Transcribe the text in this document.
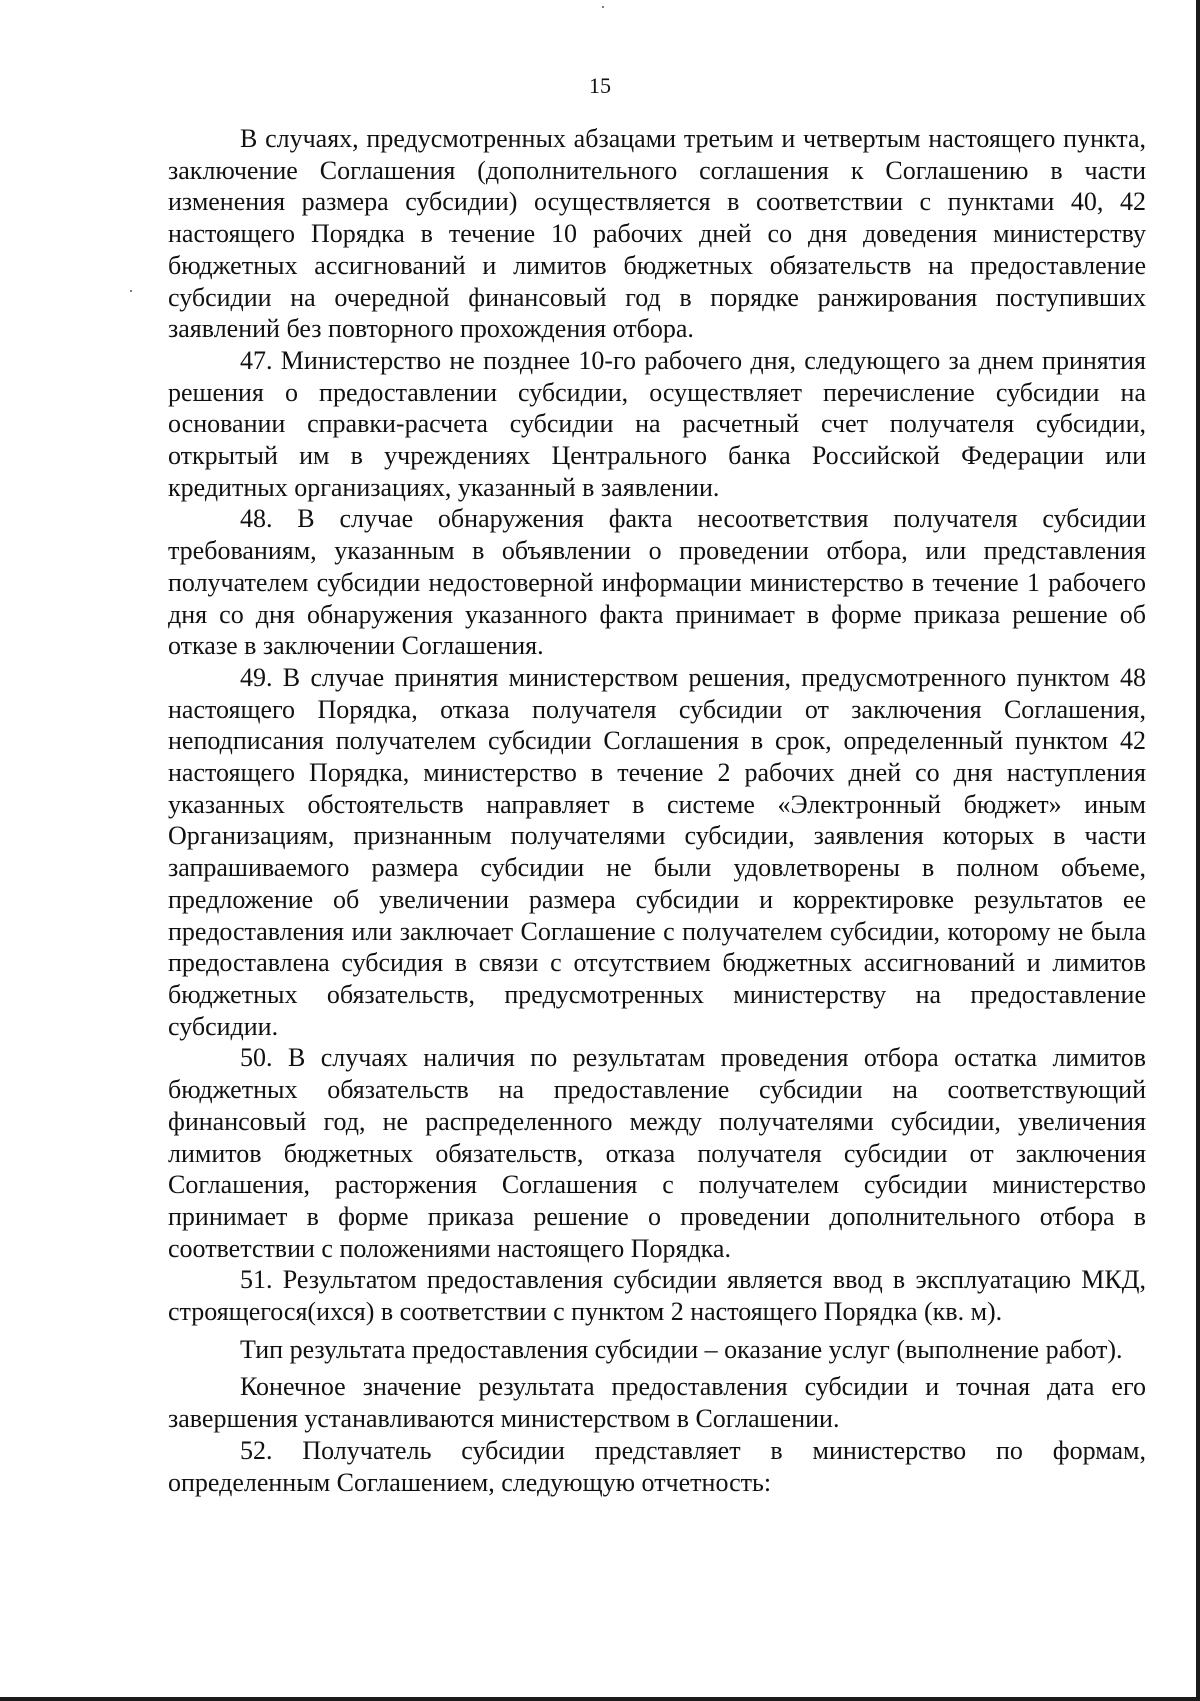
15

В случаях, предусмотренных абзацами третьим и четвертым настоящего пункта, заключение Соглашения (дополнительного соглашения к Соглашению в части изменения размера субсидии) осуществляется в соответствии с пунктами 40, 42 настоящего Порядка в течение 10 рабочих дней со дня доведения министерству бюджетных ассигнований и лимитов бюджетных обязательств на предоставление субсидии на очередной финансовый год в порядке ранжирования поступивших заявлений без повторного прохождения отбора.

47. Министерство не позднее 10-го рабочего дня, следующего за днем принятия решения о предоставлении субсидии, осуществляет перечисление субсидии на основании справки-расчета субсидии на расчетный счет получателя субсидии, открытый им в учреждениях Центрального банка Российской Федерации или кредитных организациях, указанный в заявлении.

48. В случае обнаружения факта несоответствия получателя субсидии требованиям, указанным в объявлении о проведении отбора, или представления получателем субсидии недостоверной информации министерство в течение 1 рабочего дня со дня обнаружения указанного факта принимает в форме приказа решение об отказе в заключении Соглашения.

49. В случае принятия министерством решения, предусмотренного пунктом 48 настоящего Порядка, отказа получателя субсидии от заключения Соглашения, неподписания получателем субсидии Соглашения в срок, определенный пунктом 42 настоящего Порядка, министерство в течение 2 рабочих дней со дня наступления указанных обстоятельств направляет в системе «Электронный бюджет» иным Организациям, признанным получателями субсидии, заявления которых в части запрашиваемого размера субсидии не были удовлетворены в полном объеме, предложение об увеличении размера субсидии и корректировке результатов ее предоставления или заключает Соглашение с получателем субсидии, которому не была предоставлена субсидия в связи с отсутствием бюджетных ассигнований и лимитов бюджетных обязательств, предусмотренных министерству на предоставление субсидии.

50. В случаях наличия по результатам проведения отбора остатка лимитов бюджетных обязательств на предоставление субсидии на соответствующий финансовый год, не распределенного между получателями субсидии, увеличения лимитов бюджетных обязательств, отказа получателя субсидии от заключения Соглашения, расторжения Соглашения с получателем субсидии министерство принимает в форме приказа решение о проведении дополнительного отбора в соответствии с положениями настоящего Порядка.

51. Результатом предоставления субсидии является ввод в эксплуатацию МКД, строящегося(ихся) в соответствии с пунктом 2 настоящего Порядка (кв. м).

Тип результата предоставления субсидии – оказание услуг (выполнение работ).

Конечное значение результата предоставления субсидии и точная дата его завершения устанавливаются министерством в Соглашении.

52. Получатель субсидии представляет в министерство по формам, определенным Соглашением, следующую отчетность:
